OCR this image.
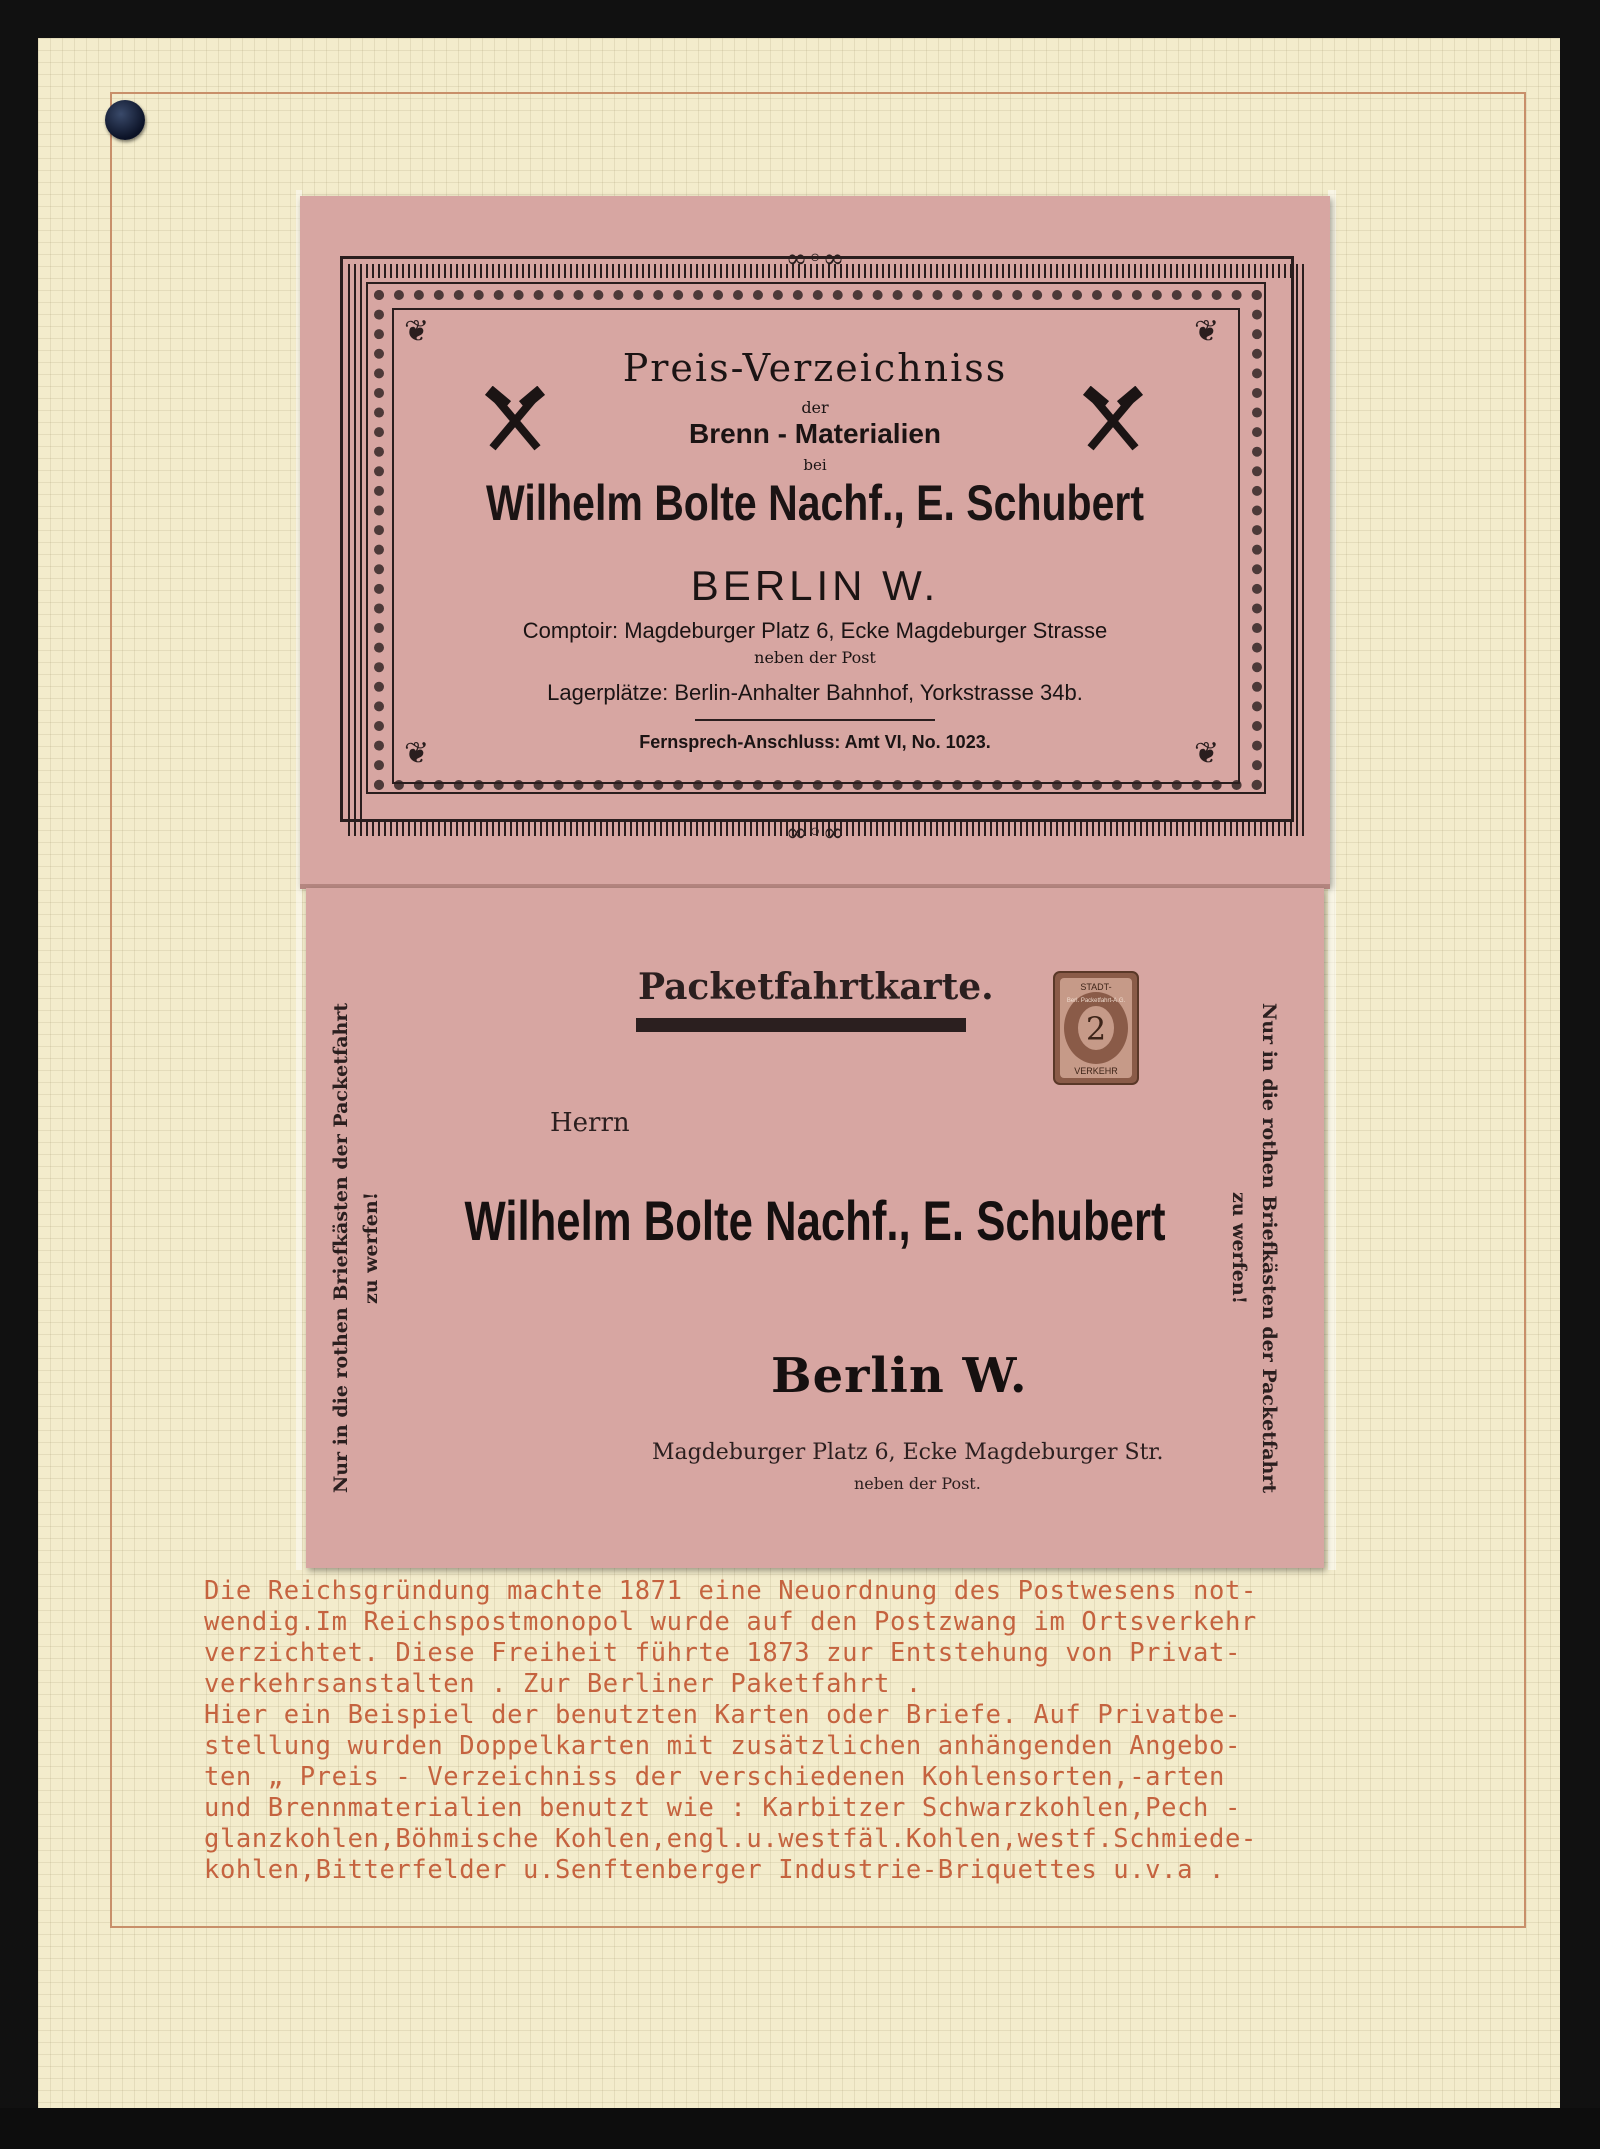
∞◦∞
∞◦∞
❦	❦
❦	❦
Preis-Verzeichniss
der
Brenn - Materialien
bei
Wilhelm Bolte Nachf., E. Schubert
BERLIN W.
Comptoir: Magdeburger Platz 6, Ecke Magdeburger Strasse
neben der Post
Lagerplätze: Berlin-Anhalter Bahnhof, Yorkstrasse 34b.
Fernsprech-Anschluss: Amt VI, No. 1023.
Packetfahrtkarte.	STADT-
2
VERKEHR
Berl. Packetfahrt-A.G.
Herrn
Wilhelm Bolte Nachf., E. Schubert
Berlin W.
Magdeburger Platz 6, Ecke Magdeburger Str.
neben der Post.
Nur in die rothen Briefkästen der Packetfahrt zu werfen!	Nur in die rothen Briefkästen der Packetfahrt
zu werfen!
Die Reichsgründung machte 1871 eine Neuordnung des Postwesens not-
wendig.Im Reichspostmonopol wurde auf den Postzwang im Ortsverkehr
verzichtet. Diese Freiheit führte 1873 zur Entstehung von Privat-
verkehrsanstalten . Zur Berliner Paketfahrt .
Hier ein Beispiel der benutzten Karten oder Briefe. Auf Privatbe-
stellung wurden Doppelkarten mit zusätzlichen anhängenden Angebo-
ten „ Preis - Verzeichniss der verschiedenen Kohlensorten,-arten
und Brennmaterialien benutzt wie : Karbitzer Schwarzkohlen,Pech -
glanzkohlen,Böhmische Kohlen,engl.u.westfäl.Kohlen,westf.Schmiede-
kohlen,Bitterfelder u.Senftenberger Industrie-Briquettes u.v.a .
